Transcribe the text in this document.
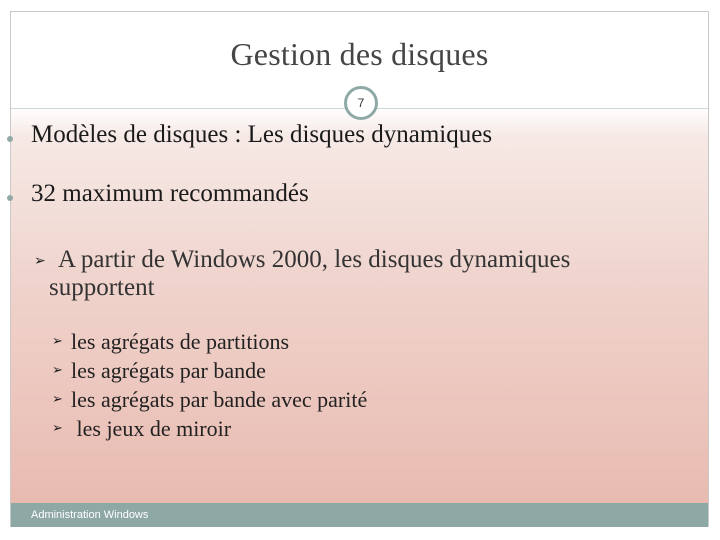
Gestion des disques
7
Modèles de disques : Les disques dynamiques
32 maximum recommandés
➢ A partir de Windows 2000, les disques dynamiques
supportent
➢ les agrégats de partitions
➢ les agrégats par bande
➢ les agrégats par bande avec parité
➢ les jeux de miroir
Administration Windows
